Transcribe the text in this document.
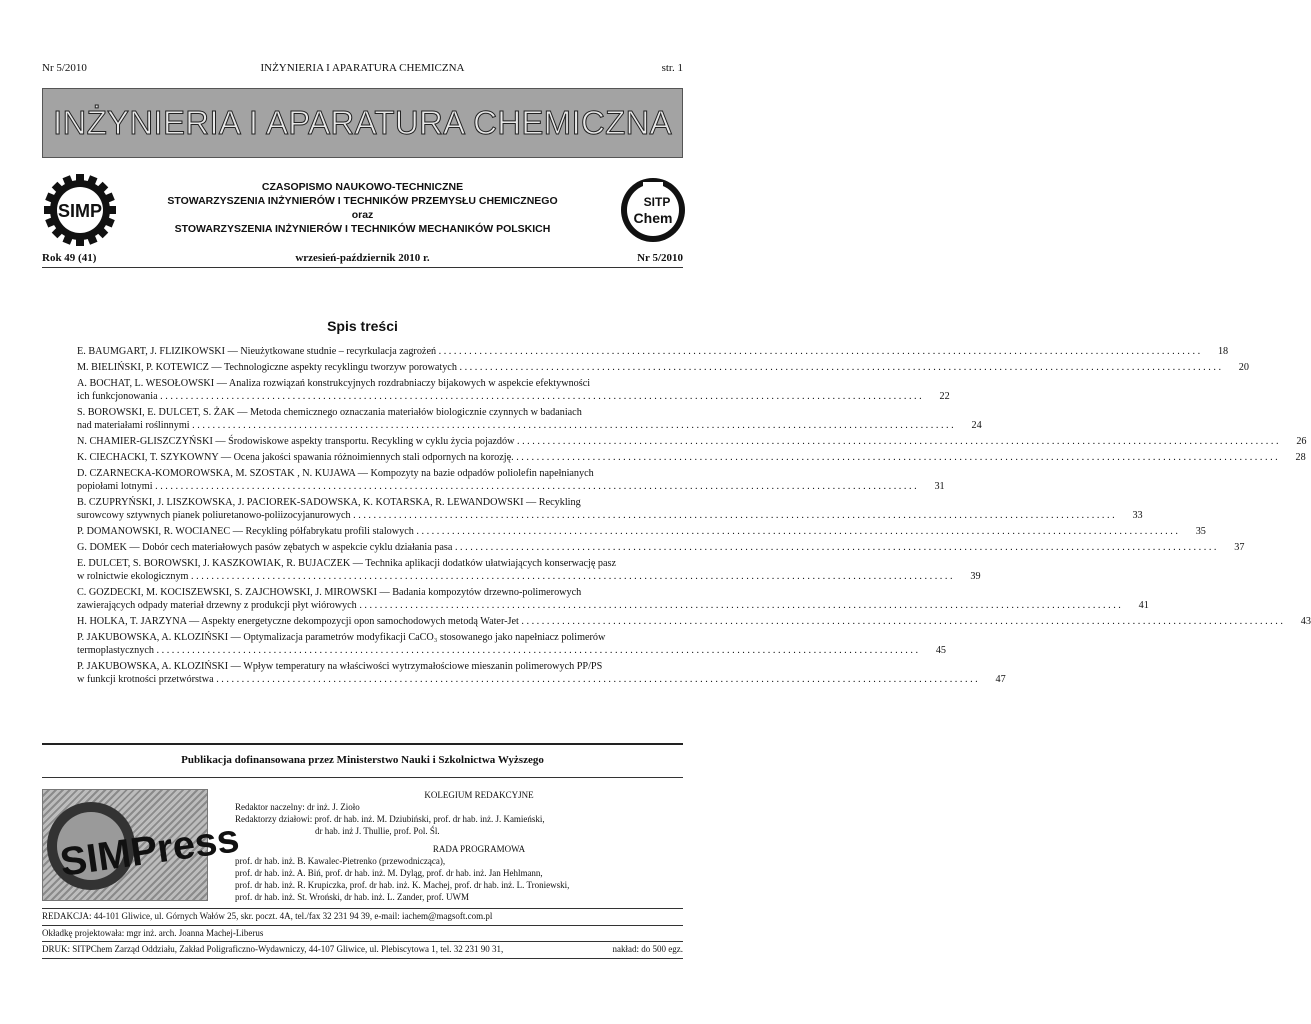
Nr 5/2010	INŻYNIERIA I APARATURA CHEMICZNA	str. 1
INŻYNIERIA I APARATURA CHEMICZNA
SIMP	SITP
Chem
CZASOPISMO NAUKOWO-TECHNICZNE
STOWARZYSZENIA INŻYNIERÓW I TECHNIKÓW PRZEMYSŁU CHEMICZNEGO
oraz
STOWARZYSZENIA INŻYNIERÓW I TECHNIKÓW MECHANIKÓW POLSKICH
Rok 49 (41)	wrzesień-październik 2010 r.	Nr 5/2010
Spis treści
E. BAUMGART, J. FLIZIKOWSKI — Nieużytkowane studnie – recyrkulacja zagrożeń . . .	18
M. BIELIŃSKI, P. KOTEWICZ — Technologiczne aspekty recyklingu tworzyw porowatych . . .	20
A. BOCHAT, L. WESOŁOWSKI — Analiza rozwiązań konstrukcyjnych rozdrabniaczy bijakowych w aspekcie efektywności
ich funkcjonowania . . .	22
S. BOROWSKI, E. DULCET, S. ŻAK — Metoda chemicznego oznaczania materiałów biologicznie czynnych w badaniach
nad materiałami roślinnymi . . .	24
N. CHAMIER-GLISZCZYŃSKI — Środowiskowe aspekty transportu. Recykling w cyklu życia pojazdów . . .	26
K. CIECHACKI, T. SZYKOWNY — Ocena jakości spawania różnoimiennych stali odpornych na korozję. . . .	28
D. CZARNECKA-KOMOROWSKA, M. SZOSTAK , N. KUJAWA — Kompozyty na bazie odpadów poliolefin napełnianych
popiołami lotnymi . . .	31
B. CZUPRYŃSKI, J. LISZKOWSKA, J. PACIOREK-SADOWSKA, K. KOTARSKA, R. LEWANDOWSKI — Recykling
surowcowy sztywnych pianek poliuretanowo-poliizocyjanurowych . . .	33
P. DOMANOWSKI, R. WOCIANEC — Recykling półfabrykatu profili stalowych . . .	35
G. DOMEK — Dobór cech materiałowych pasów zębatych w aspekcie cyklu działania pasa . . .	37
E. DULCET, S. BOROWSKI, J. KASZKOWIAK, R. BUJACZEK — Technika aplikacji dodatków ułatwiających konserwację pasz
w rolnictwie ekologicznym . . .	39
C. GOZDECKI, M. KOCISZEWSKI, S. ZAJCHOWSKI, J. MIROWSKI — Badania kompozytów drzewno-polimerowych
zawierających odpady materiał drzewny z produkcji płyt wiórowych . . .	41
H. HOLKA, T. JARZYNA — Aspekty energetyczne dekompozycji opon samochodowych metodą Water-Jet . . .	43
P. JAKUBOWSKA, A. KLOZIŃSKI — Optymalizacja parametrów modyfikacji CaCO₃ stosowanego jako napełniacz polimerów
termoplastycznych . . .	45
P. JAKUBOWSKA, A. KLOZIŃSKI — Wpływ temperatury na właściwości wytrzymałościowe mieszanin polimerowych PP/PS
w funkcji krotności przetwórstwa . . .	47
Publikacja dofinansowana przez Ministerstwo Nauki i Szkolnictwa Wyższego
SIMPress
KOLEGIUM REDAKCYJNE
Redaktor naczelny: dr inż. J. Zioło
Redaktorzy działowi: prof. dr hab. inż. M. Dziubiński, prof. dr hab. inż. J. Kamieński,
dr hab. inż J. Thullie, prof. Pol. Śl.
RADA PROGRAMOWA
prof. dr hab. inż. B. Kawalec-Pietrenko (przewodnicząca),
prof. dr hab. inż. A. Biń, prof. dr hab. inż. M. Dyląg, prof. dr hab. inż. Jan Hehlmann,
prof. dr hab. inż. R. Krupiczka, prof. dr hab. inż. K. Machej, prof. dr hab. inż. L. Troniewski,
prof. dr hab. inż. St. Wroński, dr hab. inż. L. Zander, prof. UWM
REDAKCJA: 44-101 Gliwice, ul. Górnych Wałów 25, skr. poczt. 4A, tel./fax 32 231 94 39, e-mail: iachem@magsoft.com.pl
Okładkę projektowała: mgr inż. arch. Joanna Machej-Liberus
DRUK: SITPChem Zarząd Oddziału, Zakład Poligraficzno-Wydawniczy, 44-107 Gliwice, ul. Plebiscytowa 1, tel. 32 231 90 31,	nakład: do 500 egz.
